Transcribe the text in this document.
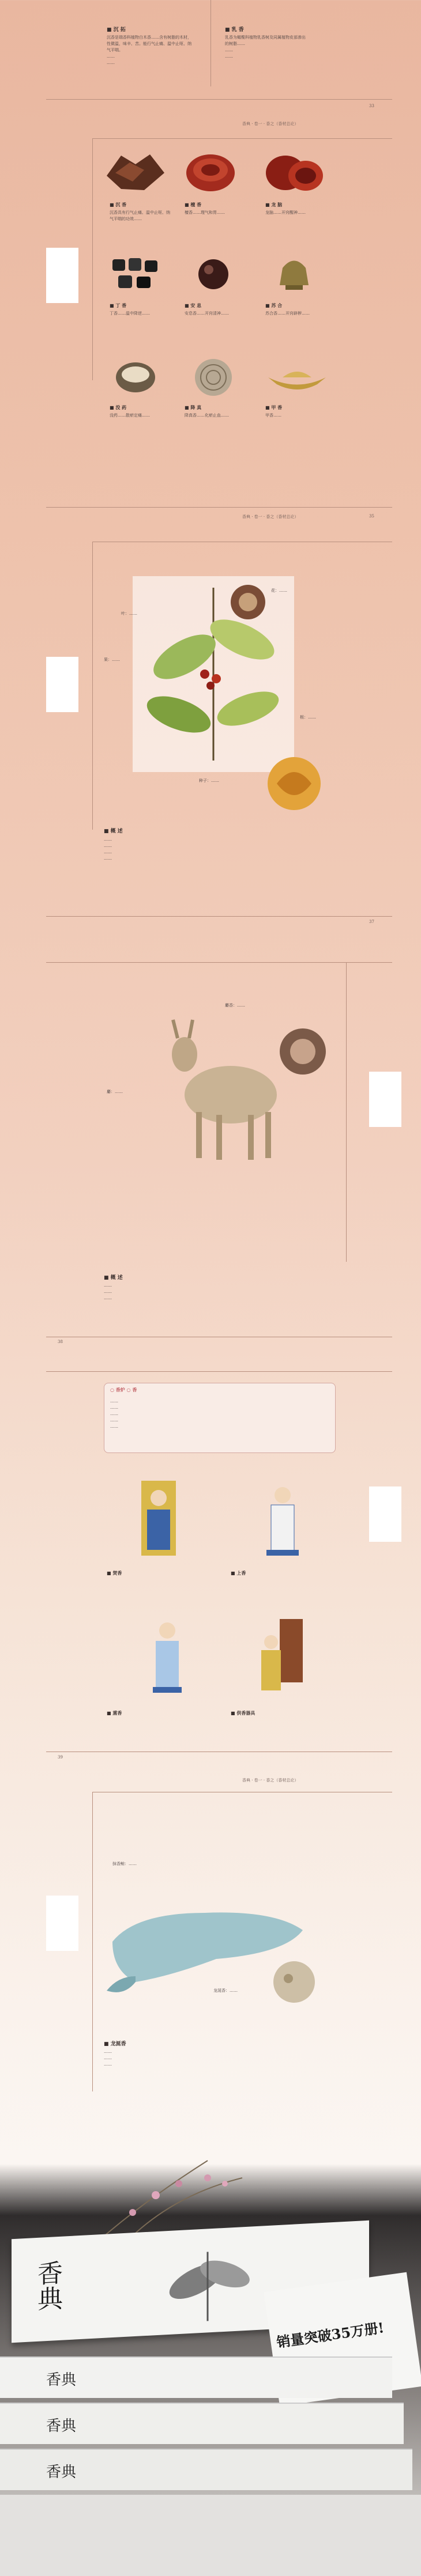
■ 沉 拓	■ 乳 香
沉香是瑞香科植物白木香……含有树脂的木材，
性微温，味辛、苦。能行气止痛、温中止呕、纳
气平喘。
……
……
乳香为橄榄科植物乳香树及同属植物皮部渗出
的树脂……
……
……
香典 · 卷一 · 香之（香材总论）
33
■ 沉 香
沉香具有行气止痛、温中止呕、纳气平喘的功效……
■ 檀 香
檀香……理气和胃……
■ 龙 脑
龙脑……开窍醒神……
■ 丁 香
丁香……温中降逆……
■ 安 息
安息香……开窍清神……
■ 苏 合
苏合香……开窍辟秽……
■ 没 药
没药……散瘀定痛……
■ 降 真
降真香……化瘀止血……
■ 甲 香
甲香……
香典 · 卷一 · 香之（香材总论）	35
花：……
叶：……
果：……
根：……
种子：……
■ 概 述
……
……
……
……
37
麝香：……
麝：……
■ 概 述
……
……
……
38
○ 香炉 ○ 香
……
……
……
……
……
■ 焚香	■ 上香
■ 熏香	■ 供香器具
39
香典 · 卷一 · 香之（香材总论）
抹香鲸：……
龙涎香：……
■ 龙涎香
……
……
……
香典
销量突破35万册!
香典
香典
香典
